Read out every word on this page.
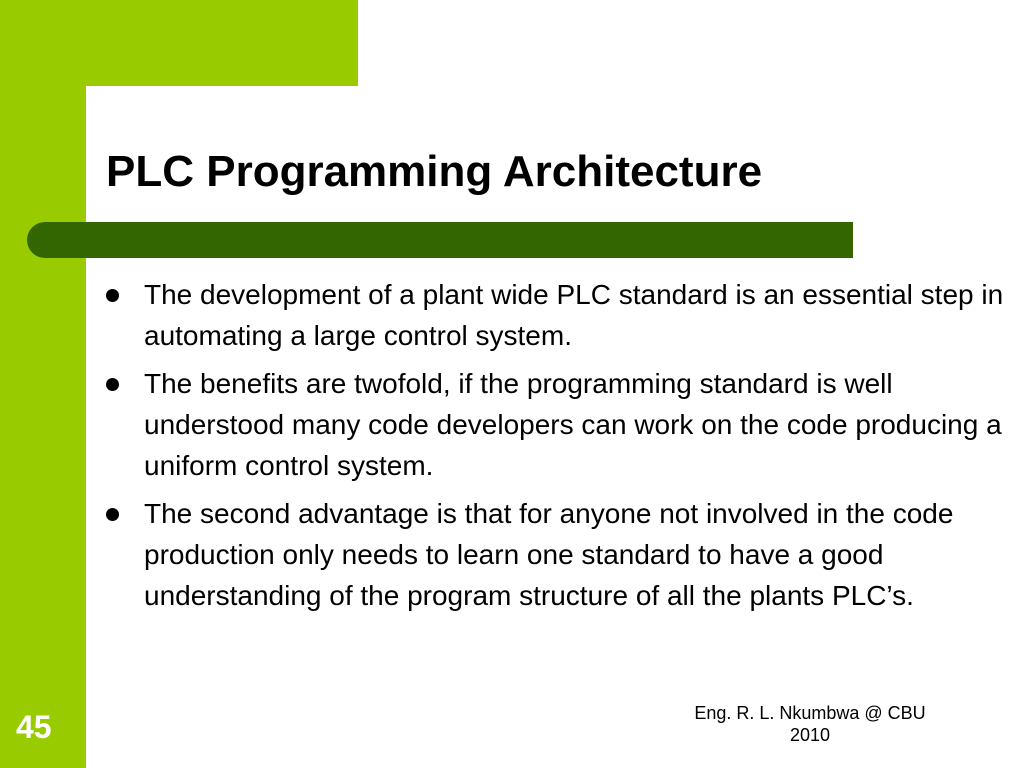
PLC Programming Architecture
The development of a plant wide PLC standard is an essential step in automating a large control system.
The benefits are twofold, if the programming standard is well understood many code developers can work on the code producing a uniform control system.
The second advantage is that for anyone not involved in the code production only needs to learn one standard to have a good understanding of the program structure of all the plants PLC’s.
45	Eng. R. L. Nkumbwa @ CBU
2010
